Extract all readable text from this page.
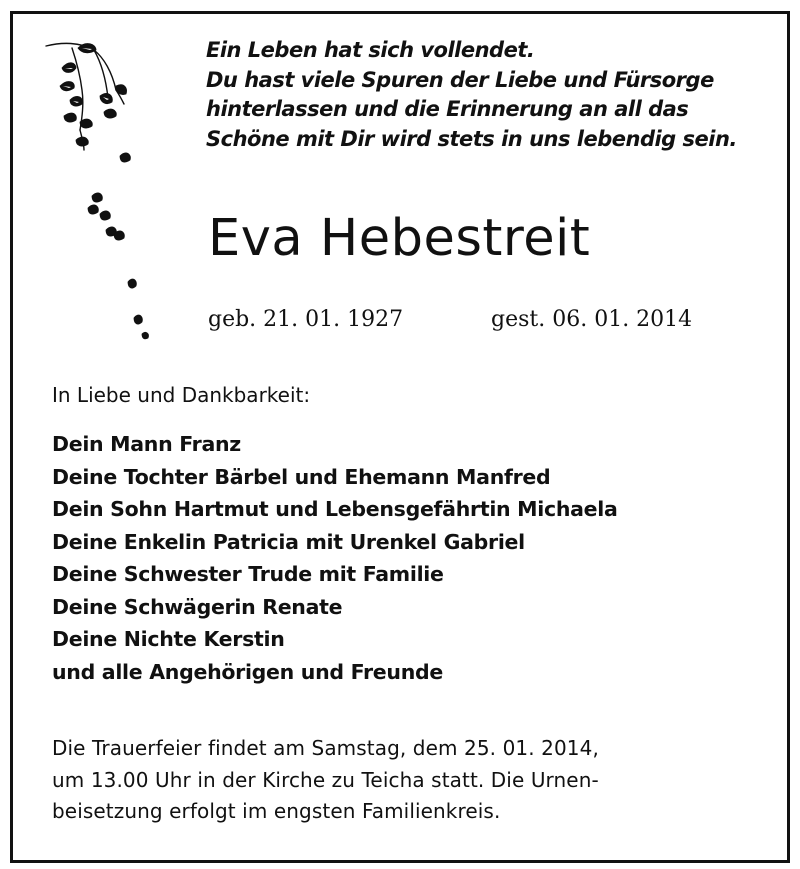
Ein Leben hat sich vollendet.
Du hast viele Spuren der Liebe und Fürsorge
hinterlassen und die Erinnerung an all das
Schöne mit Dir wird stets in uns lebendig sein.
Eva Hebestreit
geb. 21. 01. 1927	gest. 06. 01. 2014
In Liebe und Dankbarkeit:
Dein Mann Franz
Deine Tochter Bärbel und Ehemann Manfred
Dein Sohn Hartmut und Lebensgefährtin Michaela
Deine Enkelin Patricia mit Urenkel Gabriel
Deine Schwester Trude mit Familie
Deine Schwägerin Renate
Deine Nichte Kerstin
und alle Angehörigen und Freunde
Die Trauerfeier findet am Samstag, dem 25. 01. 2014,
um 13.00 Uhr in der Kirche zu Teicha statt. Die Urnen-
beisetzung erfolgt im engsten Familienkreis.
